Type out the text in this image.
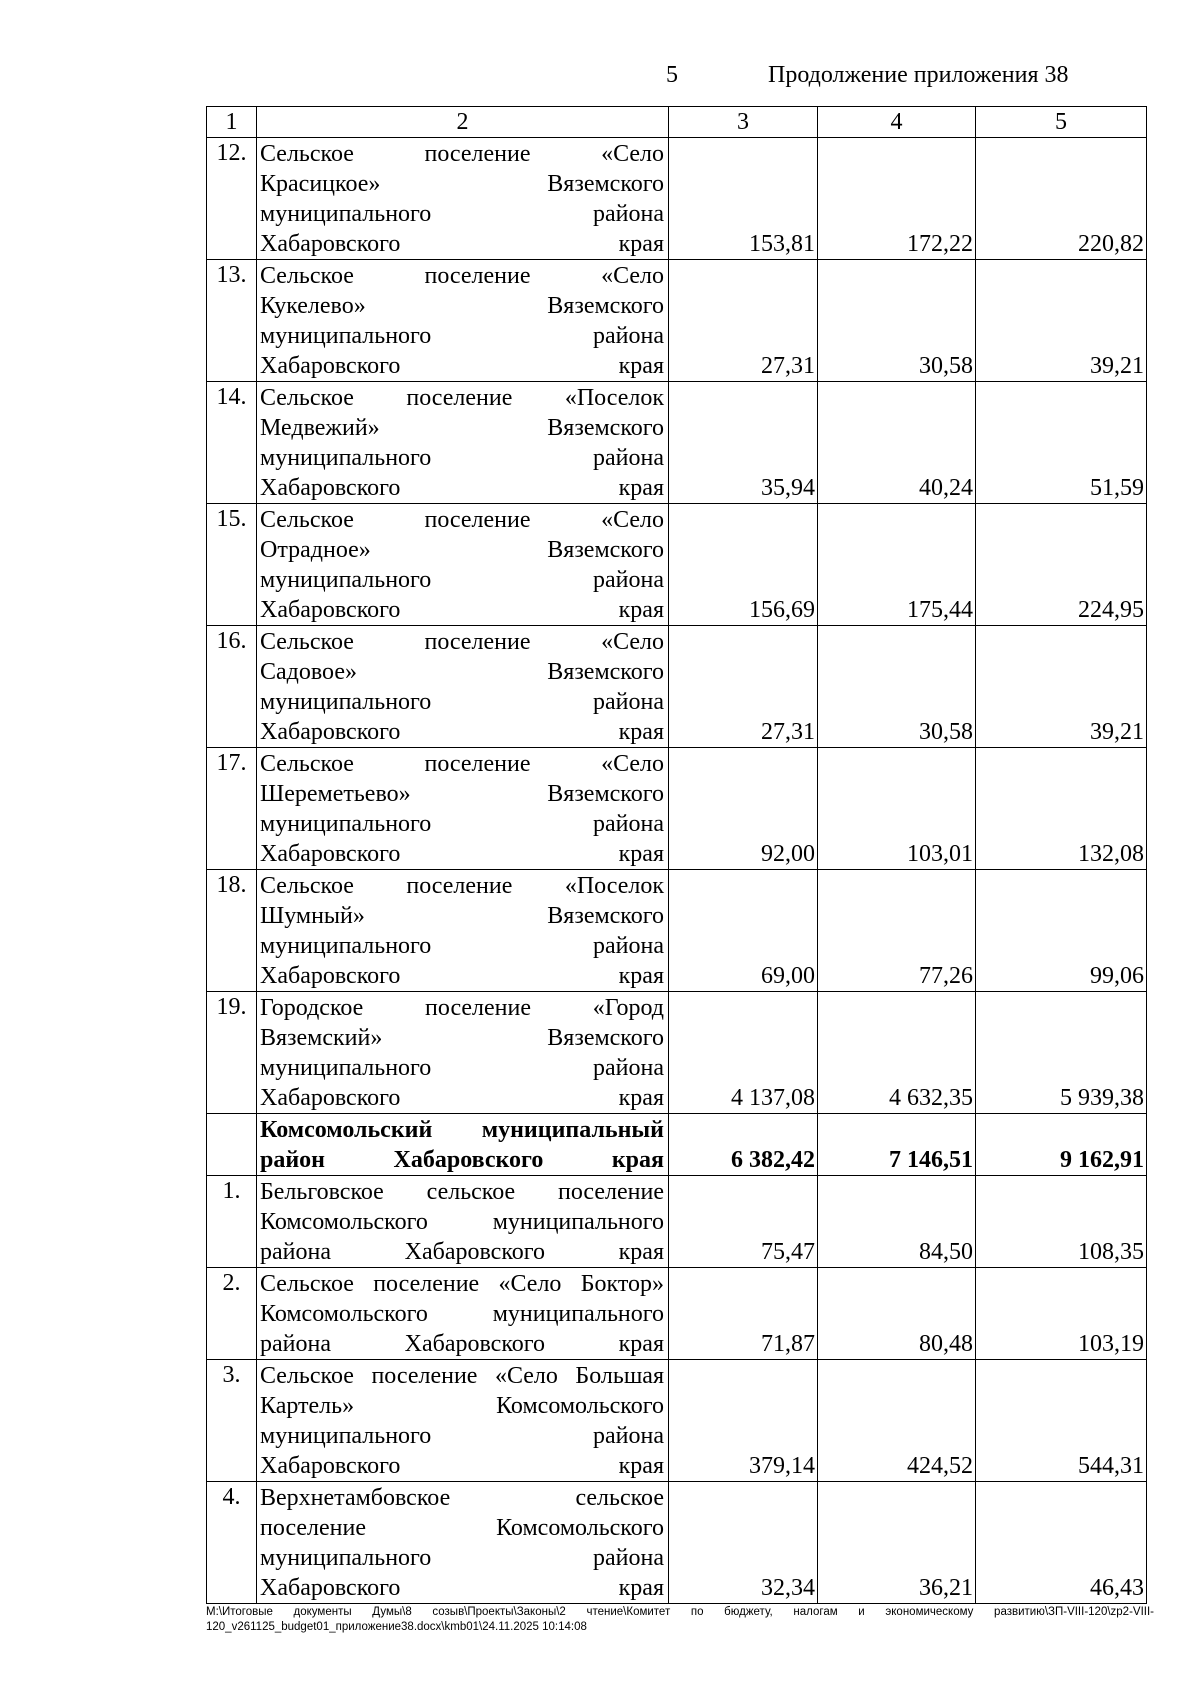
5	Продолжение приложения 38
1	2	3	4	5
12.	Сельское поселение «Село
Красицкое» Вяземского
муниципального района
Хабаровского края	153,81	172,22	220,82
13.	Сельское поселение «Село
Кукелево» Вяземского
муниципального района
Хабаровского края	27,31	30,58	39,21
14.	Сельское поселение «Поселок
Медвежий» Вяземского
муниципального района
Хабаровского края	35,94	40,24	51,59
15.	Сельское поселение «Село
Отрадное» Вяземского
муниципального района
Хабаровского края	156,69	175,44	224,95
16.	Сельское поселение «Село
Садовое» Вяземского
муниципального района
Хабаровского края	27,31	30,58	39,21
17.	Сельское поселение «Село
Шереметьево» Вяземского
муниципального района
Хабаровского края	92,00	103,01	132,08
18.	Сельское поселение «Поселок
Шумный» Вяземского
муниципального района
Хабаровского края	69,00	77,26	99,06
19.	Городское поселение «Город
Вяземский» Вяземского
муниципального района
Хабаровского края	4 137,08	4 632,35	5 939,38

	Комсомольский муниципальный
район Хабаровского края	6 382,42	7 146,51	9 162,91
1.	Бельговское сельское поселение
Комсомольского муниципального
района Хабаровского края	75,47	84,50	108,35
2.	Сельское поселение «Село Боктор»
Комсомольского муниципального
района Хабаровского края	71,87	80,48	103,19
3.	Сельское поселение «Село Большая
Картель» Комсомольского
муниципального района
Хабаровского края	379,14	424,52	544,31
4.	Верхнетамбовское сельское
поселение Комсомольского
муниципального района
Хабаровского края	32,34	36,21	46,43
M:\Итоговые документы Думы\8 созыв\Проекты\Законы\2 чтение\Комитет по бюджету, налогам и экономическому развитию\ЗП-VIII-120\zp2-VIII-120_v261125_budget01_приложение38.docx\kmb01\24.11.2025 10:14:08
